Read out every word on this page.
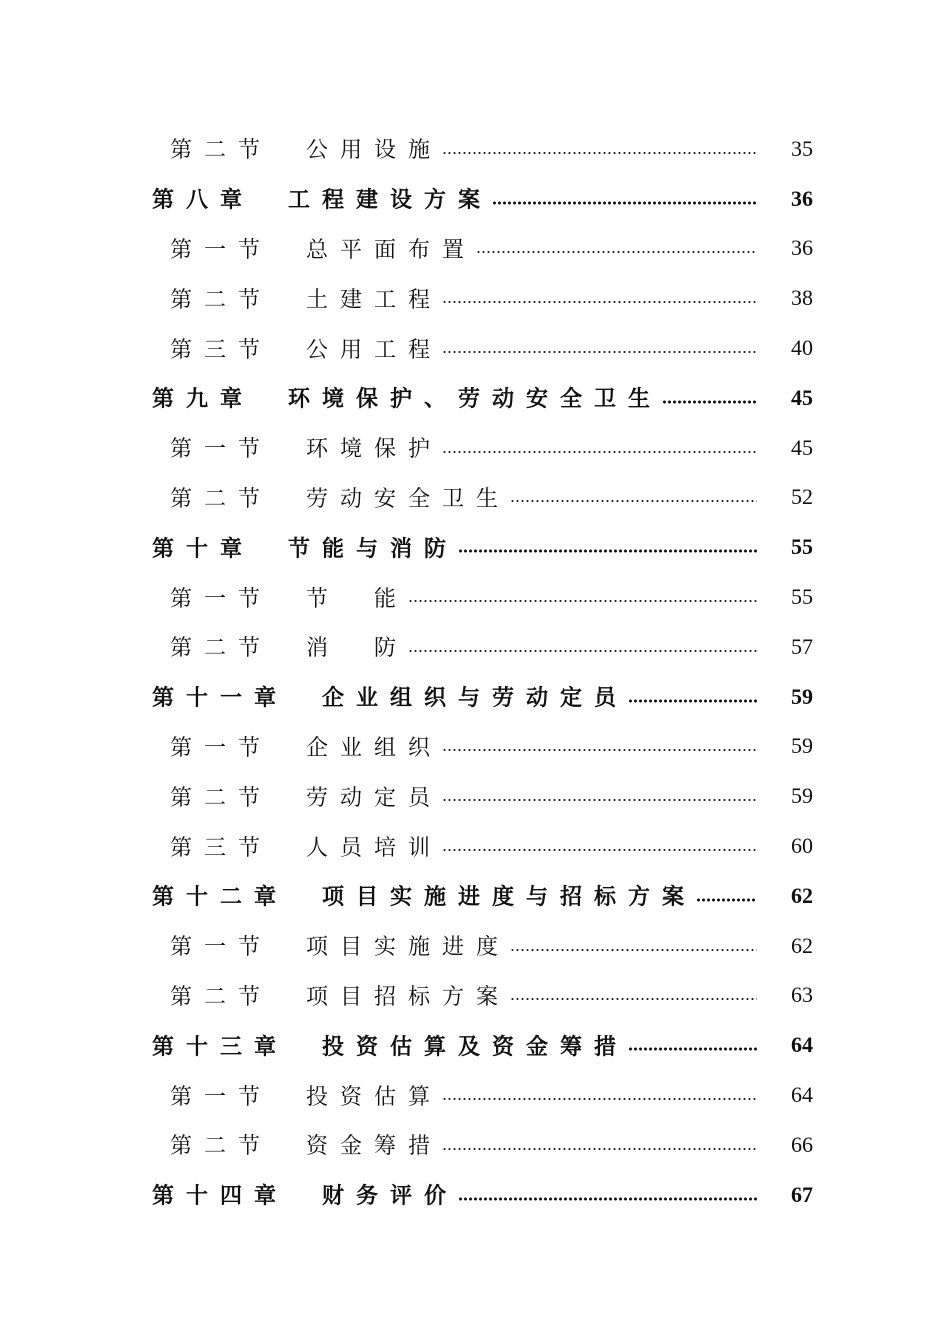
第二节 公用设施	35
第八章 工程建设方案	36
第一节 总平面布置	36
第二节 土建工程	38
第三节 公用工程	40
第九章 环境保护、劳动安全卫生	45
第一节 环境保护	45
第二节 劳动安全卫生	52
第十章 节能与消防	55
第一节 节　能	55
第二节 消　防	57
第十一章 企业组织与劳动定员	59
第一节 企业组织	59
第二节 劳动定员	59
第三节 人员培训	60
第十二章 项目实施进度与招标方案	62
第一节 项目实施进度	62
第二节 项目招标方案	63
第十三章 投资估算及资金筹措	64
第一节 投资估算	64
第二节 资金筹措	66
第十四章 财务评价	67
